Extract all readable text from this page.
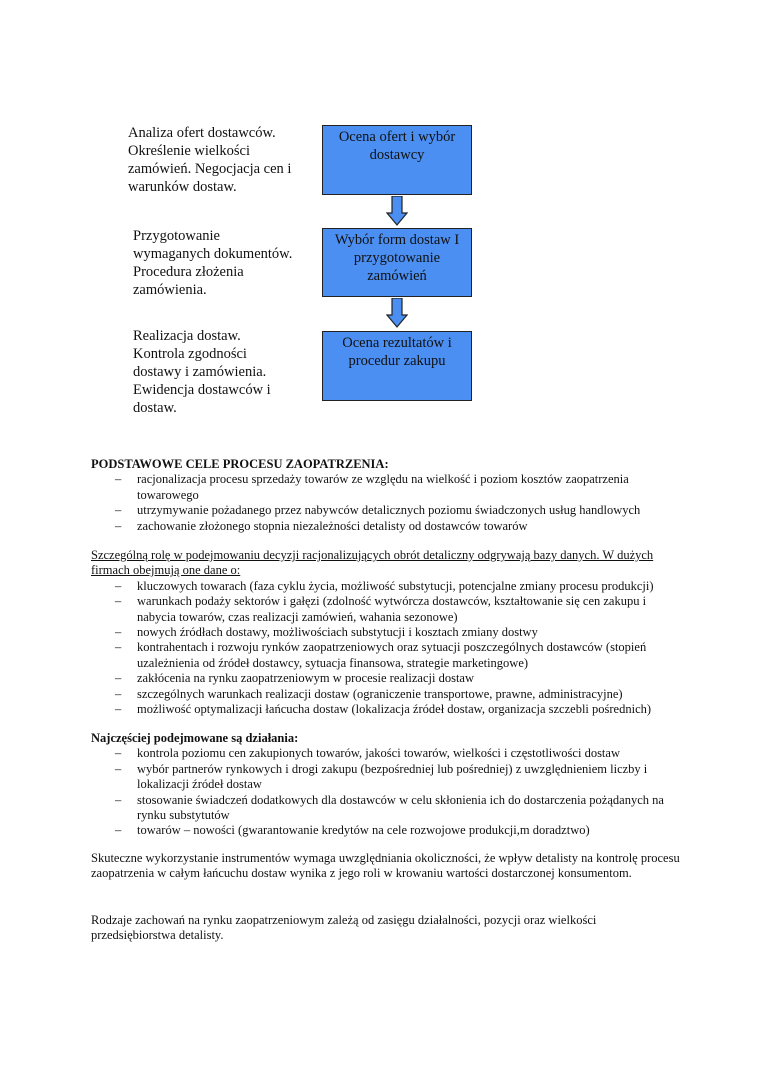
Analiza ofert dostawców. Określenie wielkości zamówień. Negocjacja cen i warunków dostaw.
Przygotowanie wymaganych dokumentów. Procedura złożenia zamówienia.
Realizacja dostaw. Kontrola zgodności dostawy i zamówienia. Ewidencja dostawców i dostaw.
Ocena ofert i wybór dostawcy
Wybór form dostaw I przygotowanie zamówień
Ocena rezultatów i procedur zakupu

PODSTAWOWE CELE PROCESU ZAOPATRZENIA:

– racjonalizacja procesu sprzedaży towarów ze względu na wielkość i poziom kosztów zaopatrzenia towarowego
– utrzymywanie pożadanego przez nabywców detalicznych poziomu świadczonych usług handlowych
– zachowanie złożonego stopnia niezależności detalisty od dostawców towarów

Szczególną rolę w podejmowaniu decyzji racjonalizujących obrót detaliczny odgrywają bazy danych. W dużych firmach obejmują one dane o:

– kluczowych towarach (faza cyklu życia, możliwość substytucji, potencjalne zmiany procesu produkcji)
– warunkach podaży sektorów i gałęzi (zdolność wytwórcza dostawców, kształtowanie się cen zakupu i nabycia towarów, czas realizacji zamówień, wahania sezonowe)
– nowych źródłach dostawy, możliwościach substytucji i kosztach zmiany dostwy
– kontrahentach i rozwoju rynków zaopatrzeniowych oraz sytuacji poszczególnych dostawców (stopień uzależnienia od źródeł dostawcy, sytuacja finansowa, strategie marketingowe)
– zakłócenia na rynku zaopatrzeniowym w procesie realizacji dostaw
– szczególnych warunkach realizacji dostaw (ograniczenie transportowe, prawne, administracyjne)
– możliwość optymalizacji łańcucha dostaw (lokalizacja źródeł dostaw, organizacja szczebli pośrednich)

Najczęściej podejmowane są działania:

– kontrola poziomu cen zakupionych towarów, jakości towarów, wielkości i częstotliwości dostaw
– wybór partnerów rynkowych i drogi zakupu (bezpośredniej lub pośredniej) z uwzględnieniem liczby i lokalizacji źródeł dostaw
– stosowanie świadczeń dodatkowych dla dostawców w celu skłonienia ich do dostarczenia pożądanych na rynku substytutów
– towarów – nowości (gwarantowanie kredytów na cele rozwojowe produkcji,m doradztwo)
Skuteczne wykorzystanie instrumentów wymaga uwzględniania okoliczności, że wpływ detalisty na kontrolę procesu zaopatrzenia w całym łańcuchu dostaw wynika z jego roli w krowaniu wartości dostarczonej konsumentom.
Rodzaje zachowań na rynku zaopatrzeniowym zależą od zasięgu działalności, pozycji oraz wielkości przedsiębiorstwa detalisty.
